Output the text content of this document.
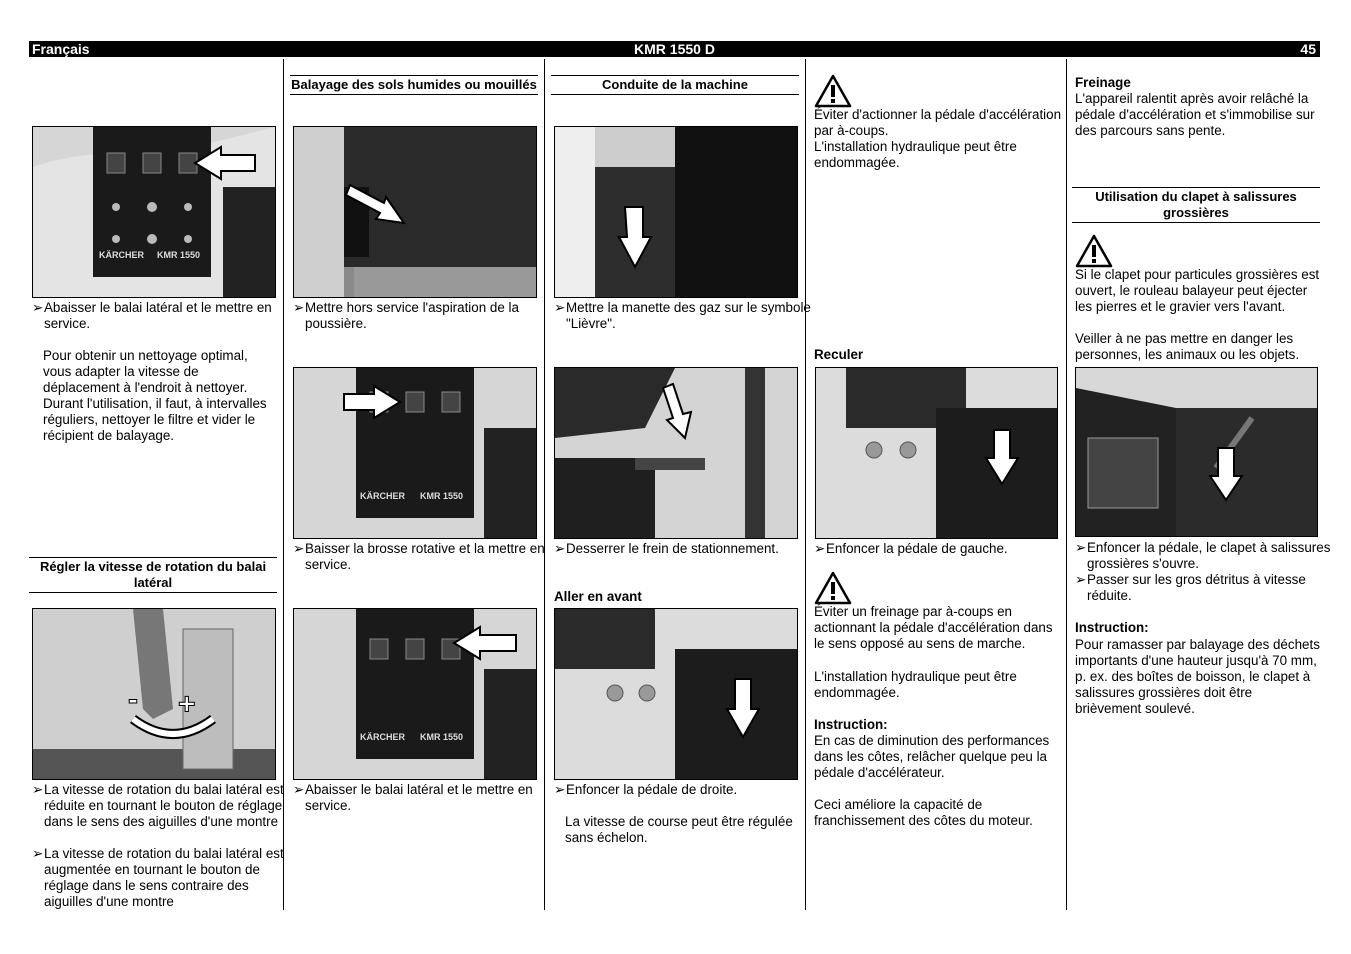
Français	KMR 1550 D	45
KÄRCHER KMR 1550
➢ Abaisser le balai latéral et le mettre en service.
Pour obtenir un nettoyage optimal, vous adapter la vitesse de déplacement à l'endroit à nettoyer.
Durant l'utilisation, il faut, à intervalles réguliers, nettoyer le filtre et vider le récipient de balayage.
Régler la vitesse de rotation du balai latéral
- +
➢ La vitesse de rotation du balai latéral est réduite en tournant le bouton de réglage dans le sens des aiguilles d'une montre
➢ La vitesse de rotation du balai latéral est augmentée en tournant le bouton de réglage dans le sens contraire des aiguilles d'une montre
Balayage des sols humides ou mouillés
➢ Mettre hors service l'aspiration de la poussière.
KÄRCHER KMR 1550
➢ Baisser la brosse rotative et la mettre en service.
KÄRCHER KMR 1550
➢ Abaisser le balai latéral et le mettre en service.
Conduite de la machine
➢ Mettre la manette des gaz sur le symbole "Lièvre".
➢ Desserrer le frein de stationnement.
Aller en avant
➢ Enfoncer la pédale de droite.
La vitesse de course peut être régulée sans échelon.
Éviter d'actionner la pédale d'accélération par à-coups.
L'installation hydraulique peut être endommagée.
Reculer
➢ Enfoncer la pédale de gauche.
Éviter un freinage par à-coups en actionnant la pédale d'accélération dans le sens opposé au sens de marche.
L'installation hydraulique peut être endommagée.
Instruction:
En cas de diminution des performances dans les côtes, relâcher quelque peu la pédale d'accélérateur.
Ceci améliore la capacité de franchissement des côtes du moteur.
Freinage
L'appareil ralentit après avoir relâché la pédale d'accélération et s'immobilise sur des parcours sans pente.
Utilisation du clapet à salissures grossières
Si le clapet pour particules grossières est ouvert, le rouleau balayeur peut éjecter les pierres et le gravier vers l'avant.
Veiller à ne pas mettre en danger les personnes, les animaux ou les objets.
➢ Enfoncer la pédale, le clapet à salissures grossières s'ouvre.
➢ Passer sur les gros détritus à vitesse réduite.
Instruction:
Pour ramasser par balayage des déchets importants d'une hauteur jusqu'à 70 mm, p. ex. des boîtes de boisson, le clapet à salissures grossières doit être brièvement soulevé.
